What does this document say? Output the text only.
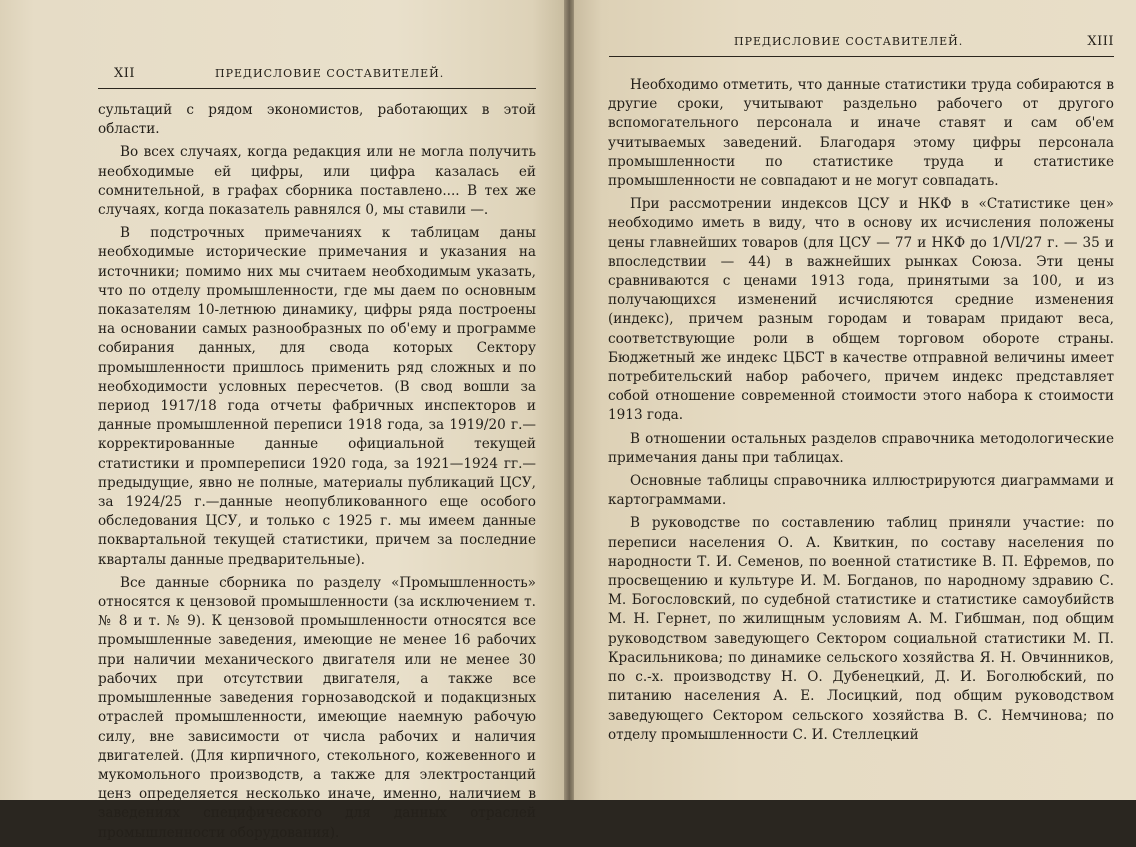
XII	ПРЕДИСЛОВИЕ СОСТАВИТЕЛЕЙ.

сультаций с рядом экономистов, работающих в этой области.

Во всех случаях, когда редакция или не могла получить необходимые ей цифры, или цифра казалась ей сомнительной, в графах сборника поставлено.... В тех же случаях, когда показатель равнялся 0, мы ставили —.

В подстрочных примечаниях к таблицам даны необходимые исторические примечания и указания на источники; помимо них мы считаем необходимым указать, что по отделу промышленности, где мы даем по основным показателям 10-летнюю динамику, цифры ряда построены на основании самых разнообразных по об'ему и программе собирания данных, для свода которых Сектору промышленности пришлось применить ряд сложных и по необходимости условных пересчетов. (В свод вошли за период 1917/18 года отчеты фабричных инспекторов и данные промышленной переписи 1918 года, за 1919/20 г.—корректированные данные официальной текущей статистики и промпереписи 1920 года, за 1921—1924 гг.—предыдущие, явно не полные, материалы публикаций ЦСУ, за 1924/25 г.—данные неопубликованного еще особого обследования ЦСУ, и только с 1925 г. мы имеем данные поквартальной текущей статистики, причем за последние кварталы данные предварительные).

Все данные сборника по разделу «Промышленность» относятся к цензовой промышленности (за исключением т. № 8 и т. № 9). К цензовой промышленности относятся все промышленные заведения, имеющие не менее 16 рабочих при наличии механического двигателя или не менее 30 рабочих при отсутствии двигателя, а также все промышленные заведения горнозаводской и подакцизных отраслей промышленности, имеющие наемную рабочую силу, вне зависимости от числа рабочих и наличия двигателей. (Для кирпичного, стекольного, кожевенного и мукомольного производств, а также для электростанций ценз определяется несколько иначе, именно, наличием в заведениях специфического для данных отраслей промышленности оборудования).

ПРЕДИСЛОВИЕ СОСТАВИТЕЛЕЙ.	XIII

Необходимо отметить, что данные статистики труда собираются в другие сроки, учитывают раздельно рабочего от другого вспомогательного персонала и иначе ставят и сам об'ем учитываемых заведений. Благодаря этому цифры персонала промышленности по статистике труда и статистике промышленности не совпадают и не могут совпадать.

При рассмотрении индексов ЦСУ и НКФ в «Статистике цен» необходимо иметь в виду, что в основу их исчисления положены цены главнейших товаров (для ЦСУ — 77 и НКФ до 1/VI/27 г. — 35 и впоследствии — 44) в важнейших рынках Союза. Эти цены сравниваются с ценами 1913 года, принятыми за 100, и из получающихся изменений исчисляются средние изменения (индекс), причем разным городам и товарам придают веса, соответствующие роли в общем торговом обороте страны. Бюджетный же индекс ЦБСТ в качестве отправной величины имеет потребительский набор рабочего, причем индекс представляет собой отношение современной стоимости этого набора к стоимости 1913 года.

В отношении остальных разделов справочника методологические примечания даны при таблицах.

Основные таблицы справочника иллюстрируются диаграммами и картограммами.

В руководстве по составлению таблиц приняли участие: по переписи населения О. А. Квиткин, по составу населения по народности Т. И. Семенов, по военной статистике В. П. Ефремов, по просвещению и культуре И. М. Богданов, по народному здравию С. М. Богословский, по судебной статистике и статистике самоубийств М. Н. Гернет, по жилищным условиям А. М. Гибшман, под общим руководством заведующего Сектором социальной статистики М. П. Красильникова; по динамике сельского хозяйства Я. Н. Овчинников, по с.-х. производству Н. О. Дубенецкий, Д. И. Боголюбский, по питанию населения А. Е. Лосицкий, под общим руководством заведующего Сектором сельского хозяйства В. С. Немчинова; по отделу промышленности С. И. Стеллецкий
